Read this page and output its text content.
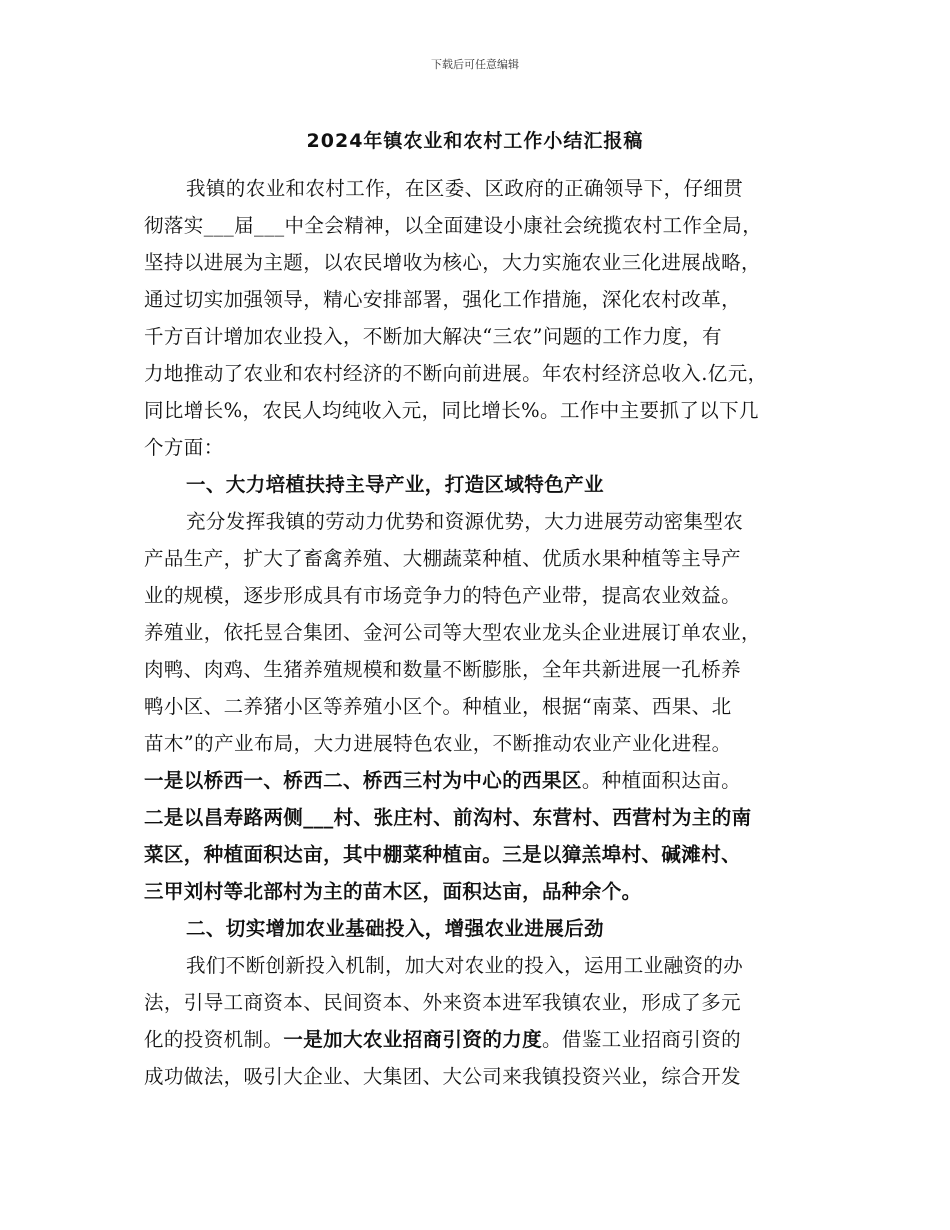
下载后可任意编辑
2024年镇农业和农村工作小结汇报稿
我镇的农业和农村工作，在区委、区政府的正确领导下，仔细贯
彻落实___届___中全会精神，以全面建设小康社会统揽农村工作全局，
坚持以进展为主题，以农民增收为核心，大力实施农业三化进展战略，
通过切实加强领导，精心安排部署，强化工作措施，深化农村改革，
千方百计增加农业投入，不断加大解决“三农”问题的工作力度，有
力地推动了农业和农村经济的不断向前进展。年农村经济总收入.亿元，
同比增长%，农民人均纯收入元，同比增长%。工作中主要抓了以下几
个方面：
一、大力培植扶持主导产业，打造区域特色产业
充分发挥我镇的劳动力优势和资源优势，大力进展劳动密集型农
产品生产，扩大了畜禽养殖、大棚蔬菜种植、优质水果种植等主导产
业的规模，逐步形成具有市场竞争力的特色产业带，提高农业效益。
养殖业，依托昱合集团、金河公司等大型农业龙头企业进展订单农业，
肉鸭、肉鸡、生猪养殖规模和数量不断膨胀，全年共新进展一孔桥养
鸭小区、二养猪小区等养殖小区个。种植业，根据“南菜、西果、北
苗木”的产业布局，大力进展特色农业，不断推动农业产业化进程。
一是以桥西一、桥西二、桥西三村为中心的西果区。种植面积达亩。
二是以昌寿路两侧___村、张庄村、前沟村、东营村、西营村为主的南
菜区，种植面积达亩，其中棚菜种植亩。三是以獐羔埠村、碱滩村、
三甲刘村等北部村为主的苗木区，面积达亩，品种余个。
二、切实增加农业基础投入，增强农业进展后劲
我们不断创新投入机制，加大对农业的投入，运用工业融资的办
法，引导工商资本、民间资本、外来资本进军我镇农业，形成了多元
化的投资机制。一是加大农业招商引资的力度。借鉴工业招商引资的
成功做法，吸引大企业、大集团、大公司来我镇投资兴业，综合开发
